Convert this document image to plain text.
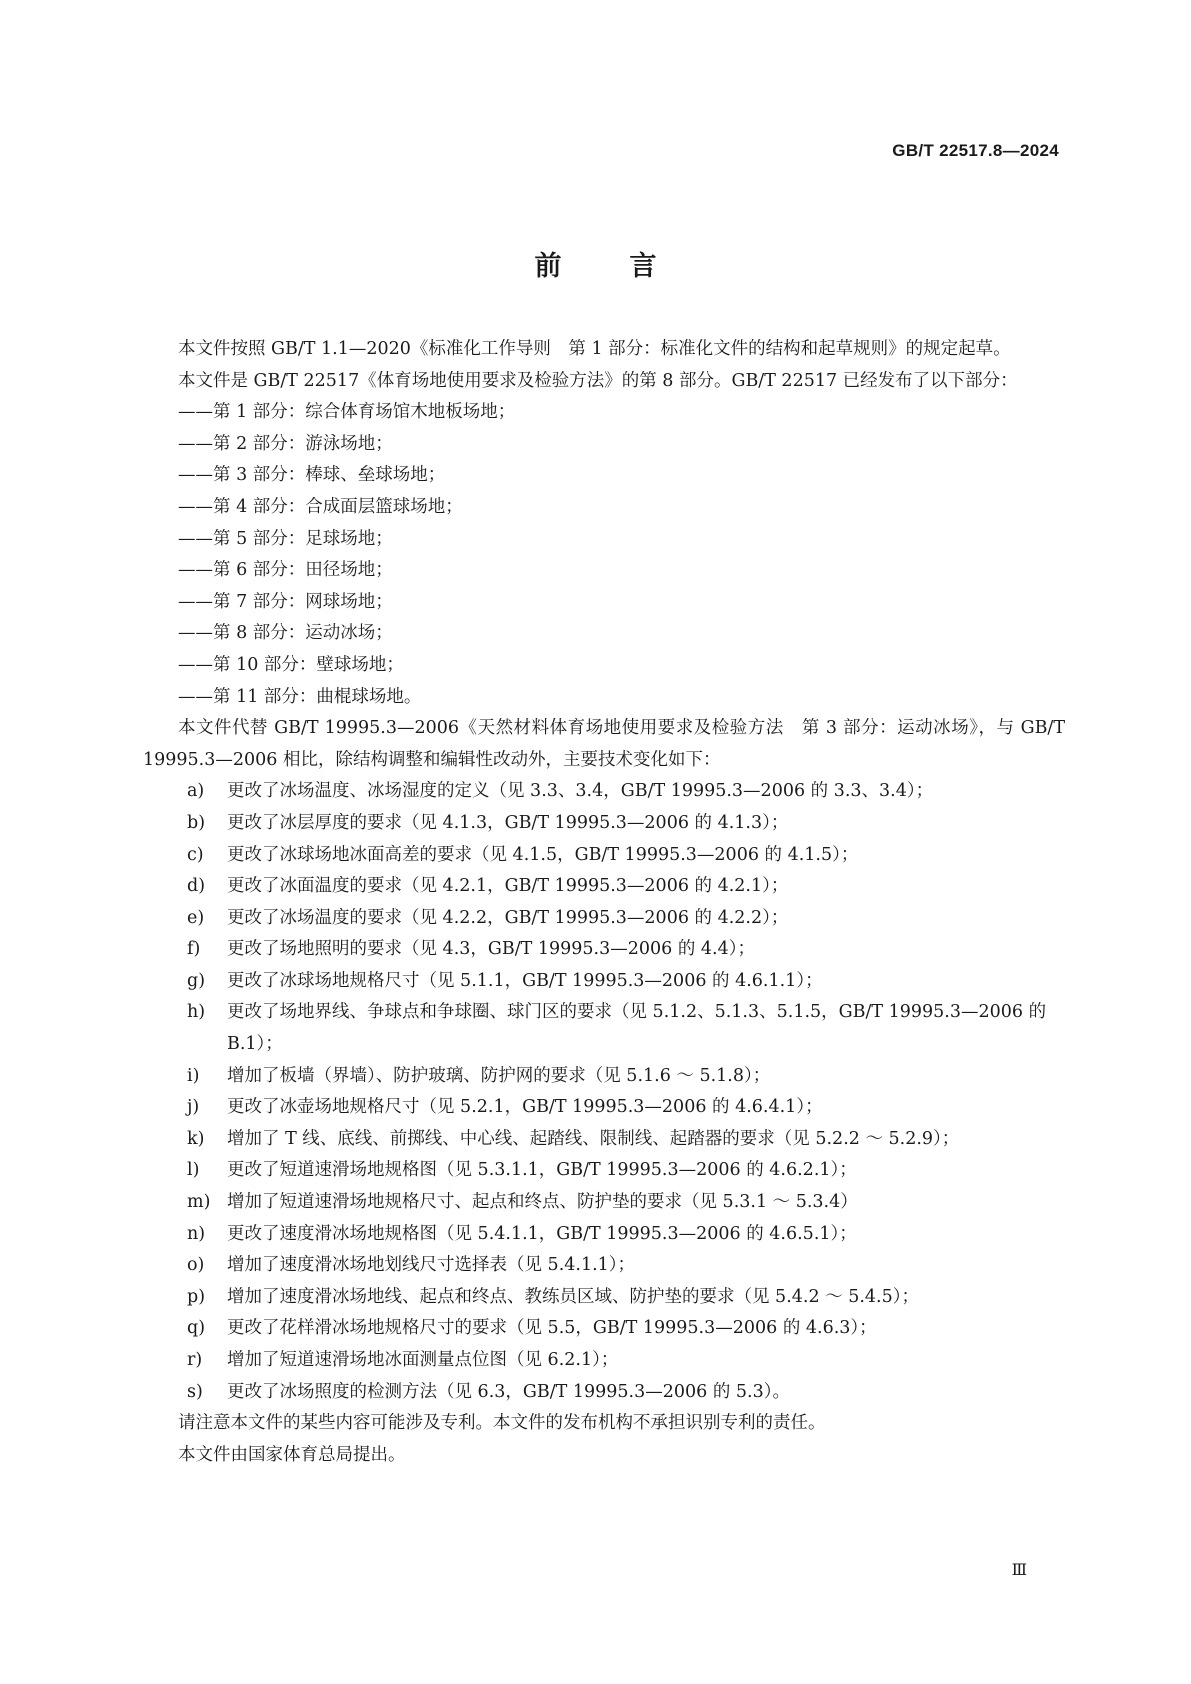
GB/T 22517.8—2024
前言

本文件按照 GB/T 1.1—2020《标准化工作导则　第 1 部分：标准化文件的结构和起草规则》的规定起草。

本文件是 GB/T 22517《体育场地使用要求及检验方法》的第 8 部分。GB/T 22517 已经发布了以下部分：

——第 1 部分：综合体育场馆木地板场地；
——第 2 部分：游泳场地；
——第 3 部分：棒球、垒球场地；
——第 4 部分：合成面层篮球场地；
——第 5 部分：足球场地；
——第 6 部分：田径场地；
——第 7 部分：网球场地；
——第 8 部分：运动冰场；
——第 10 部分：壁球场地；
——第 11 部分：曲棍球场地。

本文件代替 GB/T 19995.3—2006《天然材料体育场地使用要求及检验方法　第 3 部分：运动冰场》，与 GB/T 19995.3—2006 相比，除结构调整和编辑性改动外，主要技术变化如下：

a)	更改了冰场温度、冰场湿度的定义（见 3.3、3.4，GB/T 19995.3—2006 的 3.3、3.4）；
b)	更改了冰层厚度的要求（见 4.1.3，GB/T 19995.3—2006 的 4.1.3）；
c)	更改了冰球场地冰面高差的要求（见 4.1.5，GB/T 19995.3—2006 的 4.1.5）；
d)	更改了冰面温度的要求（见 4.2.1，GB/T 19995.3—2006 的 4.2.1）；
e)	更改了冰场温度的要求（见 4.2.2，GB/T 19995.3—2006 的 4.2.2）；
f)	更改了场地照明的要求（见 4.3，GB/T 19995.3—2006 的 4.4）；
g)	更改了冰球场地规格尺寸（见 5.1.1，GB/T 19995.3—2006 的 4.6.1.1）；
h)	更改了场地界线、争球点和争球圈、球门区的要求（见 5.1.2、5.1.3、5.1.5，GB/T 19995.3—2006 的 B.1）；
i)	增加了板墙（界墙）、防护玻璃、防护网的要求（见 5.1.6 ～ 5.1.8）；
j)	更改了冰壶场地规格尺寸（见 5.2.1，GB/T 19995.3—2006 的 4.6.4.1）；
k)	增加了 T 线、底线、前掷线、中心线、起踏线、限制线、起踏器的要求（见 5.2.2 ～ 5.2.9）；
l)	更改了短道速滑场地规格图（见 5.3.1.1，GB/T 19995.3—2006 的 4.6.2.1）；
m) 增加了短道速滑场地规格尺寸、起点和终点、防护垫的要求（见 5.3.1 ～ 5.3.4）
n)	更改了速度滑冰场地规格图（见 5.4.1.1，GB/T 19995.3—2006 的 4.6.5.1）；
o)	增加了速度滑冰场地划线尺寸选择表（见 5.4.1.1）；
p)	增加了速度滑冰场地线、起点和终点、教练员区域、防护垫的要求（见 5.4.2 ～ 5.4.5）；
q)	更改了花样滑冰场地规格尺寸的要求（见 5.5，GB/T 19995.3—2006 的 4.6.3）；
r)	增加了短道速滑场地冰面测量点位图（见 6.2.1）；
s)	更改了冰场照度的检测方法（见 6.3，GB/T 19995.3—2006 的 5.3）。

请注意本文件的某些内容可能涉及专利。本文件的发布机构不承担识别专利的责任。

本文件由国家体育总局提出。

Ⅲ
